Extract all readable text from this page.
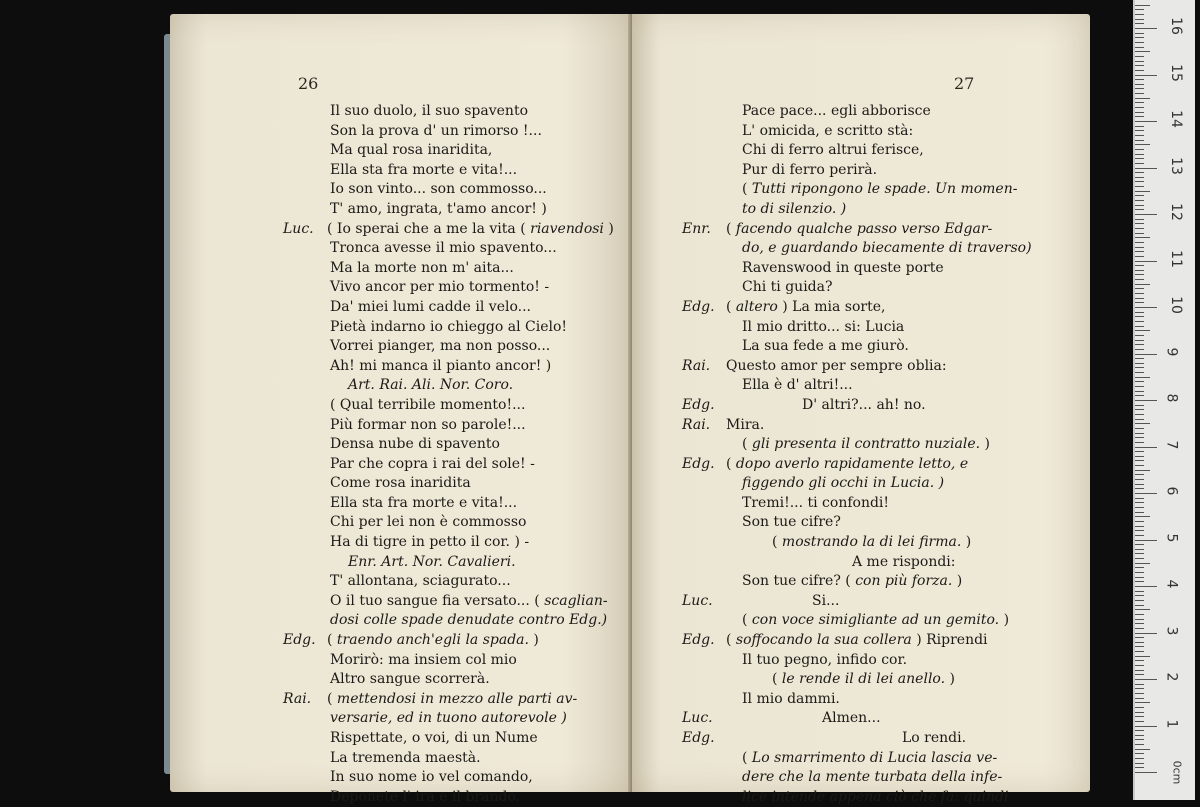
26
Il suo duolo, il suo spavento
Son la prova d' un rimorso !...
Ma qual rosa inaridita,
Ella sta fra morte e vita!...
Io son vinto... son commosso...
T' amo, ingrata, t'amo ancor! )
Luc. ( Io sperai che a me la vita ( riavendosi )
Tronca avesse il mio spavento...
Ma la morte non m' aita...
Vivo ancor per mio tormento! -
Da' miei lumi cadde il velo...
Pietà indarno io chieggo al Cielo!
Vorrei pianger, ma non posso...
Ah! mi manca il pianto ancor! )
Art. Rai. Ali. Nor. Coro.
( Qual terribile momento!...
Più formar non so parole!...
Densa nube di spavento
Par che copra i rai del sole! -
Come rosa inaridita
Ella sta fra morte e vita!...
Chi per lei non è commosso
Ha di tigre in petto il cor. ) -
Enr. Art. Nor. Cavalieri.
T' allontana, sciagurato...
O il tuo sangue fia versato... ( scaglian-
dosi colle spade denudate contro Edg.)
Edg. ( traendo anch'egli la spada. )
Morirò: ma insiem col mio
Altro sangue scorrerà.
Rai. ( mettendosi in mezzo alle parti av-
versarie, ed in tuono autorevole )
Rispettate, o voi, di un Nume
La tremenda maestà.
In suo nome io vel comando,
Deponete l' ira e il brando.
27
Pace pace... egli abborisce
L' omicida, e scritto stà:
Chi di ferro altrui ferisce,
Pur di ferro perirà.
( Tutti ripongono le spade. Un momen-
to di silenzio. )
Enr. ( facendo qualche passo verso Edgar-
do, e guardando biecamente di traverso)
Ravenswood in queste porte
Chi ti guida?
Edg. ( altero ) La mia sorte,
Il mio dritto... si: Lucia
La sua fede a me giurò.
Rai. Questo amor per sempre oblia:
Ella è d' altri!...
Edg.	D' altri?... ah! no.
Rai. Mira.
( gli presenta il contratto nuziale. )
Edg. ( dopo averlo rapidamente letto, e
figgendo gli occhi in Lucia. )
Tremi!... ti confondi!
Son tue cifre?
( mostrando la di lei firma. )
A me rispondi:
Son tue cifre? ( con più forza. )
Luc.	Si...
( con voce simigliante ad un gemito. )
Edg. ( soffocando la sua collera ) Riprendi
Il tuo pegno, infido cor.
( le rende il di lei anello. )
Il mio dammi.
Luc.	Almen...
Edg.	Lo rendi.
( Lo smarrimento di Lucia lascia ve-
dere che la mente turbata della infe-
lice intende appena ciò che fa: quindi
0cm
1
2
3
4
5
6
7
8
9
10
11
12
13
14
15
16
